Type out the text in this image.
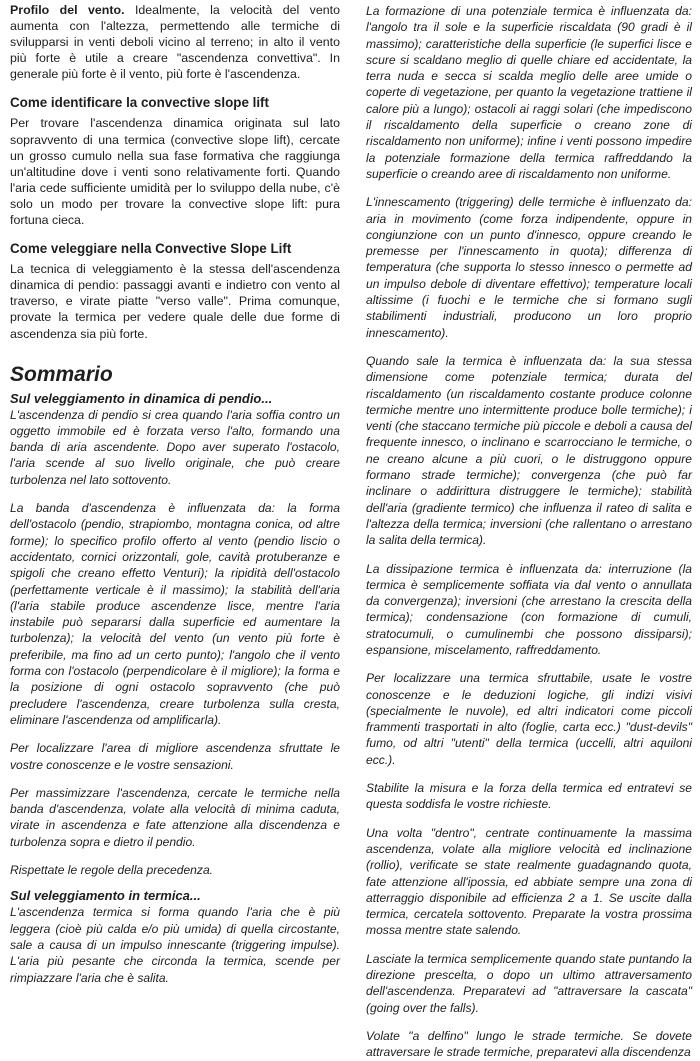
Profilo del vento. Idealmente, la velocità del vento aumenta con l'altezza, permettendo alle termiche di svilupparsi in venti deboli vicino al terreno; in alto il vento più forte è utile a creare "ascendenza convettiva". In generale più forte è il vento, più forte è l'ascendenza.

Come identificare la convective slope lift

Per trovare l'ascendenza dinamica originata sul lato sopravvento di una termica (convective slope lift), cercate un grosso cumulo nella sua fase formativa che raggiunga un'altitudine dove i venti sono relativamente forti. Quando l'aria cede sufficiente umidità per lo sviluppo della nube, c'è solo un modo per trovare la convective slope lift: pura fortuna cieca.

Come veleggiare nella Convective Slope Lift

La tecnica di veleggiamento è la stessa dell'ascendenza dinamica di pendio: passaggi avanti e indietro con vento al traverso, e virate piatte "verso valle". Prima comunque, provate la termica per vedere quale delle due forme di ascendenza sia più forte.

Sommario
Sul veleggiamento in dinamica di pendio...

L'ascendenza di pendio si crea quando l'aria soffia contro un oggetto immobile ed è forzata verso l'alto, formando una banda di aria ascendente. Dopo aver superato l'ostacolo, l'aria scende al suo livello originale, che può creare turbolenza nel lato sottovento.

La banda d'ascendenza è influenzata da: la forma dell'ostacolo (pendio, strapiombo, montagna conica, od altre forme); lo specifico profilo offerto al vento (pendio liscio o accidentato, cornici orizzontali, gole, cavità protuberanze e spigoli che creano effetto Venturi); la ripidità dell'ostacolo (perfettamente verticale è il massimo); la stabilità dell'aria (l'aria stabile produce ascendenze lisce, mentre l'aria instabile può separarsi dalla superficie ed aumentare la turbolenza); la velocità del vento (un vento più forte è preferibile, ma fino ad un certo punto); l'angolo che il vento forma con l'ostacolo (perpendicolare è il migliore); la forma e la posizione di ogni ostacolo sopravvento (che può precludere l'ascendenza, creare turbolenza sulla cresta, eliminare l'ascendenza od amplificarla).

Per localizzare l'area di migliore ascendenza sfruttate le vostre conoscenze e le vostre sensazioni.

Per massimizzare l'ascendenza, cercate le termiche nella banda d'ascendenza, volate alla velocità di minima caduta, virate in ascendenza e fate attenzione alla discendenza e turbolenza sopra e dietro il pendio.

Rispettate le regole della precedenza.

Sul veleggiamento in termica...

L'ascendenza termica si forma quando l'aria che è più leggera (cioè più calda e/o più umida) di quella circostante, sale a causa di un impulso innescante (triggering impulse). L'aria più pesante che circonda la termica, scende per rimpiazzare l'aria che è salita.

La formazione di una potenziale termica è influenzata da: l'angolo tra il sole e la superficie riscaldata (90 gradi è il massimo); caratteristiche della superficie (le superfici lisce e scure si scaldano meglio di quelle chiare ed accidentate, la terra nuda e secca si scalda meglio delle aree umide o coperte di vegetazione, per quanto la vegetazione trattiene il calore più a lungo); ostacoli ai raggi solari (che impediscono il riscaldamento della superficie o creano zone di riscaldamento non uniforme); infine i venti possono impedire la potenziale formazione della termica raffreddando la superficie o creando aree di riscaldamento non uniforme.

L'innescamento (triggering) delle termiche è influenzato da: aria in movimento (come forza indipendente, oppure in congiunzione con un punto d'innesco, oppure creando le premesse per l'innescamento in quota); differenza di temperatura (che supporta lo stesso innesco o permette ad un impulso debole di diventare effettivo); temperature locali altissime (i fuochi e le termiche che si formano sugli stabilimenti industriali, producono un loro proprio innescamento).

Quando sale la termica è influenzata da: la sua stessa dimensione come potenziale termica; durata del riscaldamento (un riscaldamento costante produce colonne termiche mentre uno intermittente produce bolle termiche); i venti (che staccano termiche più piccole e deboli a causa del frequente innesco, o inclinano e scarrocciano le termiche, o ne creano alcune a più cuori, o le distruggono oppure formano strade termiche); convergenza (che può far inclinare o addirittura distruggere le termiche); stabilità dell'aria (gradiente termico) che influenza il rateo di salita e l'altezza della termica; inversioni (che rallentano o arrestano la salita della termica).

La dissipazione termica è influenzata da: interruzione (la termica è semplicemente soffiata via dal vento o annullata da convergenza); inversioni (che arrestano la crescita della termica); condensazione (con formazione di cumuli, stratocumuli, o cumulinembi che possono dissiparsi); espansione, miscelamento, raffreddamento.

Per localizzare una termica sfruttabile, usate le vostre conoscenze e le deduzioni logiche, gli indizi visivi (specialmente le nuvole), ed altri indicatori come piccoli frammenti trasportati in alto (foglie, carta ecc.) "dust-devils" fumo, od altri "utenti" della termica (uccelli, altri aquiloni ecc.).

Stabilite la misura e la forza della termica ed entratevi se questa soddisfa le vostre richieste.

Una volta "dentro", centrate continuamente la massima ascendenza, volate alla migliore velocità ed inclinazione (rollio), verificate se state realmente guadagnando quota, fate attenzione all'ipossia, ed abbiate sempre una zona di atterraggio disponibile ad efficienza 2 a 1. Se uscite dalla termica, cercatela sottovento. Preparate la vostra prossima mossa mentre state salendo.

Lasciate la termica semplicemente quando state puntando la direzione prescelta, o dopo un ultimo attraversamento dell'ascendenza. Preparatevi ad "attraversare la cascata" (going over the falls).

Volate "a delfino" lungo le strade termiche. Se dovete attraversare le strade termiche, preparatevi alla discendenza
